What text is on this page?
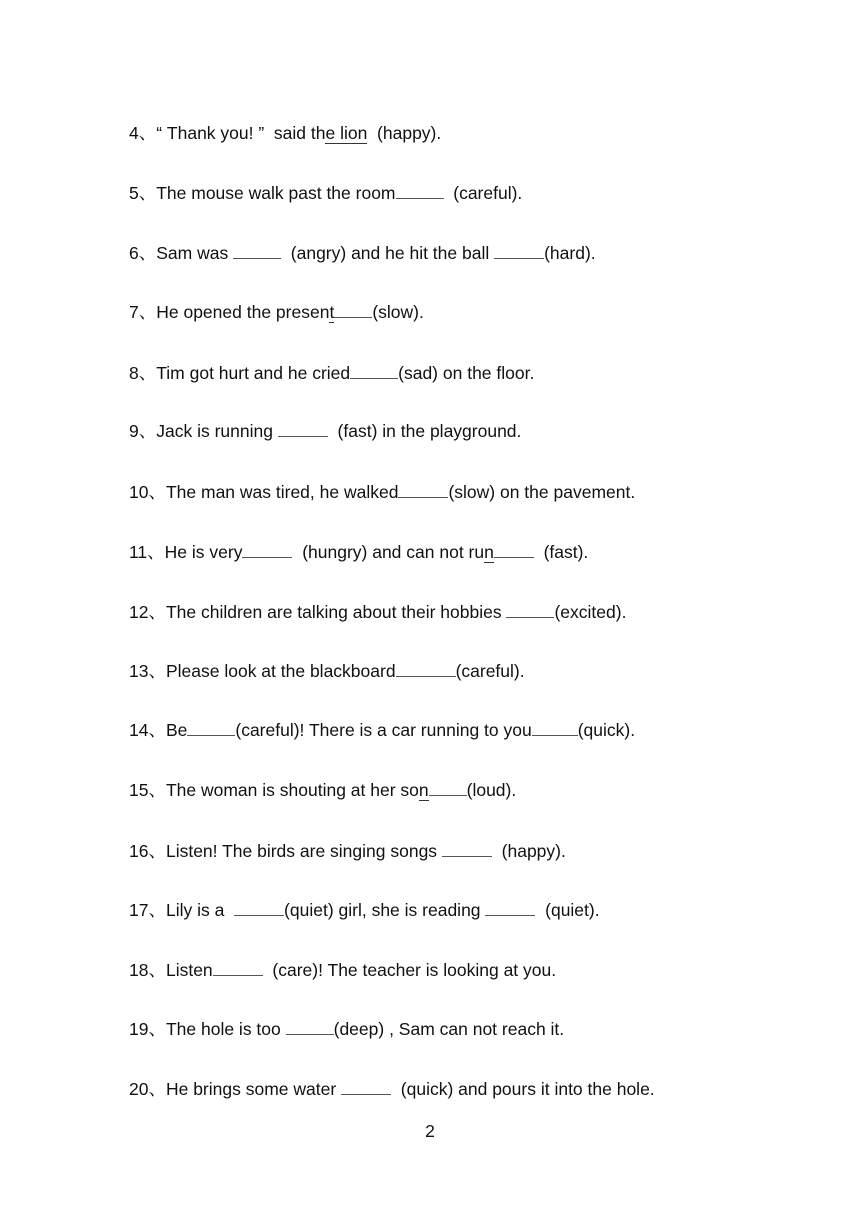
4、“ Thank you! ”  said the lion  (happy).
5、The mouse walk past the room	(careful).
6、Sam was	(angry) and he hit the ball	(hard).
7、He opened the present (slow).
8、Tim got hurt and he cried	(sad) on the floor.
9、Jack is running	(fast) in the playground.
10、The man was tired, he walked	(slow) on the pavement.
11、He is very	(hungry) and can not run  (fast).
12、The children are talking about their hobbies	(excited).
13、Please look at the blackboard	(careful).
14、Be	(careful)! There is a car running to you	(quick).
15、The woman is shouting at her son (loud).
16、Listen! The birds are singing songs	(happy).
17、Lily is a	(quiet) girl, she is reading	(quiet).
18、Listen	(care)! The teacher is looking at you.
19、The hole is too	(deep) , Sam can not reach it.
20、He brings some water	(quick) and pours it into the hole.
2
